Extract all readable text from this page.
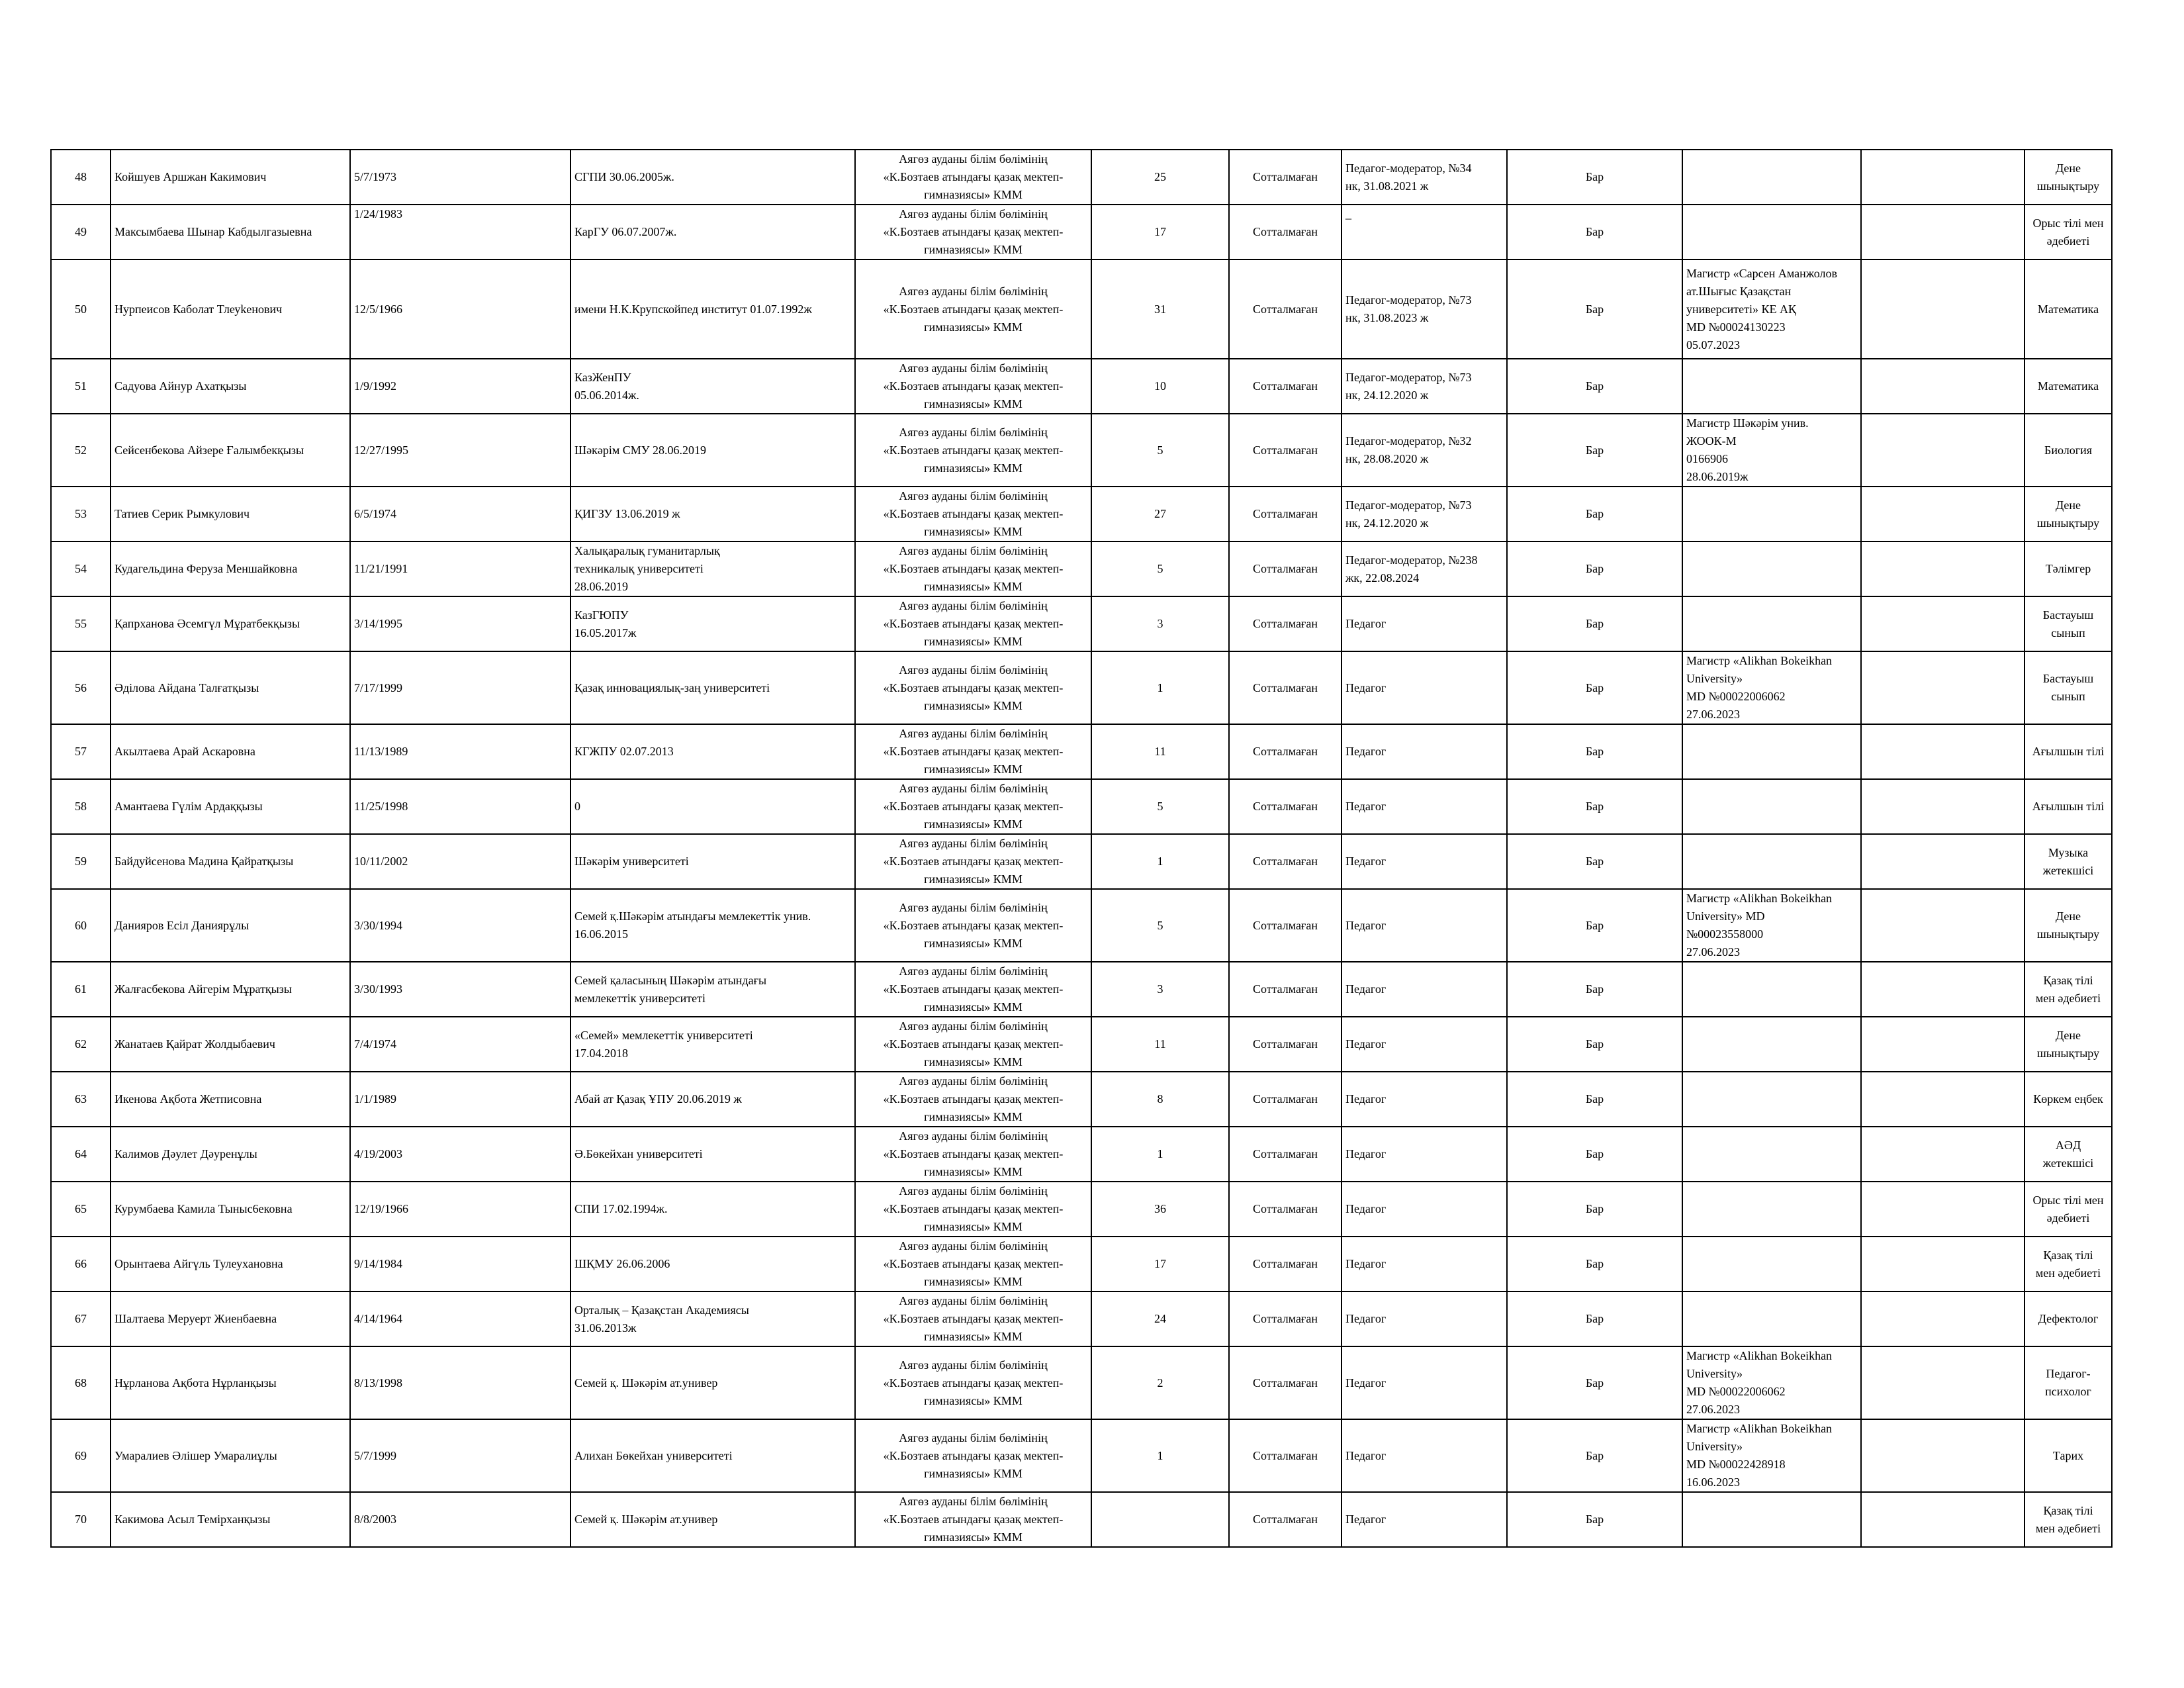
48	Койшуев Аршжан Какимович	5/7/1973	СГПИ 30.06.2005ж.	Аягөз ауданы білім бөлімінің
«К.Бозтаев атындағы қазақ мектеп-
гимназиясы» КММ	25	Сотталмаған	Педагог-модератор, №34
нк, 31.08.2021 ж	Бар			Дене
шынықтыру
49	Максымбаева Шынар Кабдылгазыевна	1/24/1983	КарГУ 06.07.2007ж.	Аягөз ауданы білім бөлімінің
«К.Бозтаев атындағы қазақ мектеп-
гимназиясы» КММ	17	Сотталмаған	_	Бар			Орыс тілі мен
әдебиеті
50	Нурпеисов Каболат Тлеуkенович	12/5/1966	имени Н.К.Крупскойпед институт 01.07.1992ж	Аягөз ауданы білім бөлімінің
«К.Бозтаев атындағы қазақ мектеп-
гимназиясы» КММ	31	Сотталмаған	Педагог-модератор, №73
нк, 31.08.2023 ж	Бар	Магистр «Сарсен Аманжолов
ат.Шығыс Қазақстан
университеті» КЕ АҚ
MD №00024130223
05.07.2023		Математика
51	Садуова Айнур Ахатқызы	1/9/1992	КазЖенПУ
05.06.2014ж.	Аягөз ауданы білім бөлімінің
«К.Бозтаев атындағы қазақ мектеп-
гимназиясы» КММ	10	Сотталмаған	Педагог-модератор, №73
нк, 24.12.2020 ж	Бар			Математика
52	Сейсенбекова Айзере Ғалымбекқызы	12/27/1995	Шәкәрім СМУ 28.06.2019	Аягөз ауданы білім бөлімінің
«К.Бозтаев атындағы қазақ мектеп-
гимназиясы» КММ	5	Сотталмаған	Педагог-модератор, №32
нк, 28.08.2020 ж	Бар	Магистр Шәкәрім унив.
ЖООК-М
0166906
28.06.2019ж		Биология
53	Татиев Серик Рымкулович	6/5/1974	ҚИГЗУ 13.06.2019 ж	Аягөз ауданы білім бөлімінің
«К.Бозтаев атындағы қазақ мектеп-
гимназиясы» КММ	27	Сотталмаған	Педагог-модератор, №73
нк, 24.12.2020 ж	Бар			Дене
шынықтыру
54	Кудагельдина Феруза Меншайковна	11/21/1991	Халықаралық гуманитарлық
техникалық университеті
28.06.2019	Аягөз ауданы білім бөлімінің
«К.Бозтаев атындағы қазақ мектеп-
гимназиясы» КММ	5	Сотталмаған	Педагог-модератор, №238
жк, 22.08.2024	Бар			Тәлімгер
55	Қапрханова Әсемгүл Мұратбекқызы	3/14/1995	КазГЮПУ
16.05.2017ж	Аягөз ауданы білім бөлімінің
«К.Бозтаев атындағы қазақ мектеп-
гимназиясы» КММ	3	Сотталмаған	Педагог	Бар			Бастауыш
сынып
56	Әділова Айдана Талғатқызы	7/17/1999	Қазақ инновациялық-заң университеті	Аягөз ауданы білім бөлімінің
«К.Бозтаев атындағы қазақ мектеп-
гимназиясы» КММ	1	Сотталмаған	Педагог	Бар	Магистр «Alikhan Bokeikhan
University»
MD №00022006062
27.06.2023		Бастауыш
сынып
57	Акылтаева Арай Аскаровна	11/13/1989	КГЖПУ 02.07.2013	Аягөз ауданы білім бөлімінің
«К.Бозтаев атындағы қазақ мектеп-
гимназиясы» КММ	11	Сотталмаған	Педагог	Бар			Ағылшын тілі
58	Амантаева Гүлім Ардаққызы	11/25/1998	0	Аягөз ауданы білім бөлімінің
«К.Бозтаев атындағы қазақ мектеп-
гимназиясы» КММ	5	Сотталмаған	Педагог	Бар			Ағылшын тілі
59	Байдуйсенова Мадина Қайратқызы	10/11/2002	Шәкәрім университеті	Аягөз ауданы білім бөлімінің
«К.Бозтаев атындағы қазақ мектеп-
гимназиясы» КММ	1	Сотталмаған	Педагог	Бар			Музыка
жетекшісі
60	Данияров Есіл Даниярұлы	3/30/1994	Семей қ.Шәкәрім атындағы мемлекеттік унив.
16.06.2015	Аягөз ауданы білім бөлімінің
«К.Бозтаев атындағы қазақ мектеп-
гимназиясы» КММ	5	Сотталмаған	Педагог	Бар	Магистр «Alikhan Bokeikhan
University» MD
№00023558000
27.06.2023		Дене
шынықтыру
61	Жалғасбекова Айгерім Мұратқызы	3/30/1993	Семей қаласының Шәкәрім атындағы
мемлекеттік университеті	Аягөз ауданы білім бөлімінің
«К.Бозтаев атындағы қазақ мектеп-
гимназиясы» КММ	3	Сотталмаған	Педагог	Бар			Қазақ тілі
мен әдебиеті
62	Жанатаев Қайрат Жолдыбаевич	7/4/1974	«Семей» мемлекеттік университеті
17.04.2018	Аягөз ауданы білім бөлімінің
«К.Бозтаев атындағы қазақ мектеп-
гимназиясы» КММ	11	Сотталмаған	Педагог	Бар			Дене
шынықтыру
63	Икенова Ақбота Жетписовна	1/1/1989	Абай ат Қазақ ҰПУ 20.06.2019 ж	Аягөз ауданы білім бөлімінің
«К.Бозтаев атындағы қазақ мектеп-
гимназиясы» КММ	8	Сотталмаған	Педагог	Бар			Көркем еңбек
64	Калимов Дәулет Дәуренұлы	4/19/2003	Ә.Бөкейхан университеті	Аягөз ауданы білім бөлімінің
«К.Бозтаев атындағы қазақ мектеп-
гимназиясы» КММ	1	Сотталмаған	Педагог	Бар			АӘД
жетекшісі
65	Курумбаева Камила Тыныс6ековна	12/19/1966	СПИ 17.02.1994ж.	Аягөз ауданы білім бөлімінің
«К.Бозтаев атындағы қазақ мектеп-
гимназиясы» КММ	36	Сотталмаған	Педагог	Бар			Орыс тілі мен
әдебиеті
66	Орынтаева Айгүль Тулеухановна	9/14/1984	ШҚМУ 26.06.2006	Аягөз ауданы білім бөлімінің
«К.Бозтаев атындағы қазақ мектеп-
гимназиясы» КММ	17	Сотталмаған	Педагог	Бар			Қазақ тілі
мен әдебиеті
67	Шалтаева Меруерт Жиенбаевна	4/14/1964	Орталық – Қазақстан Академиясы
31.06.2013ж	Аягөз ауданы білім бөлімінің
«К.Бозтаев атындағы қазақ мектеп-
гимназиясы» КММ	24	Сотталмаған	Педагог	Бар			Дефектолог
68	Нұрланова Ақбота Нұрланқызы	8/13/1998	Семей қ. Шәкәрім ат.универ	Аягөз ауданы білім бөлімінің
«К.Бозтаев атындағы қазақ мектеп-
гимназиясы» КММ	2	Сотталмаған	Педагог	Бар	Магистр «Alikhan Bokeikhan
University»
MD №00022006062
27.06.2023		Педагог-
психолог
69	Умаралиев Әлішер Умаралиұлы	5/7/1999	Алихан Бөкейхан университеті	Аягөз ауданы білім бөлімінің
«К.Бозтаев атындағы қазақ мектеп-
гимназиясы» КММ	1	Сотталмаған	Педагог	Бар	Магистр «Alikhan Bokeikhan
University»
MD №00022428918
16.06.2023		Тарих
70	Какимова Асыл Темірханқызы	8/8/2003	Семей қ. Шәкәрім ат.универ	Аягөз ауданы білім бөлімінің
«К.Бозтаев атындағы қазақ мектеп-
гимназиясы» КММ		Сотталмаған	Педагог	Бар			Қазақ тілі
мен әдебиеті
